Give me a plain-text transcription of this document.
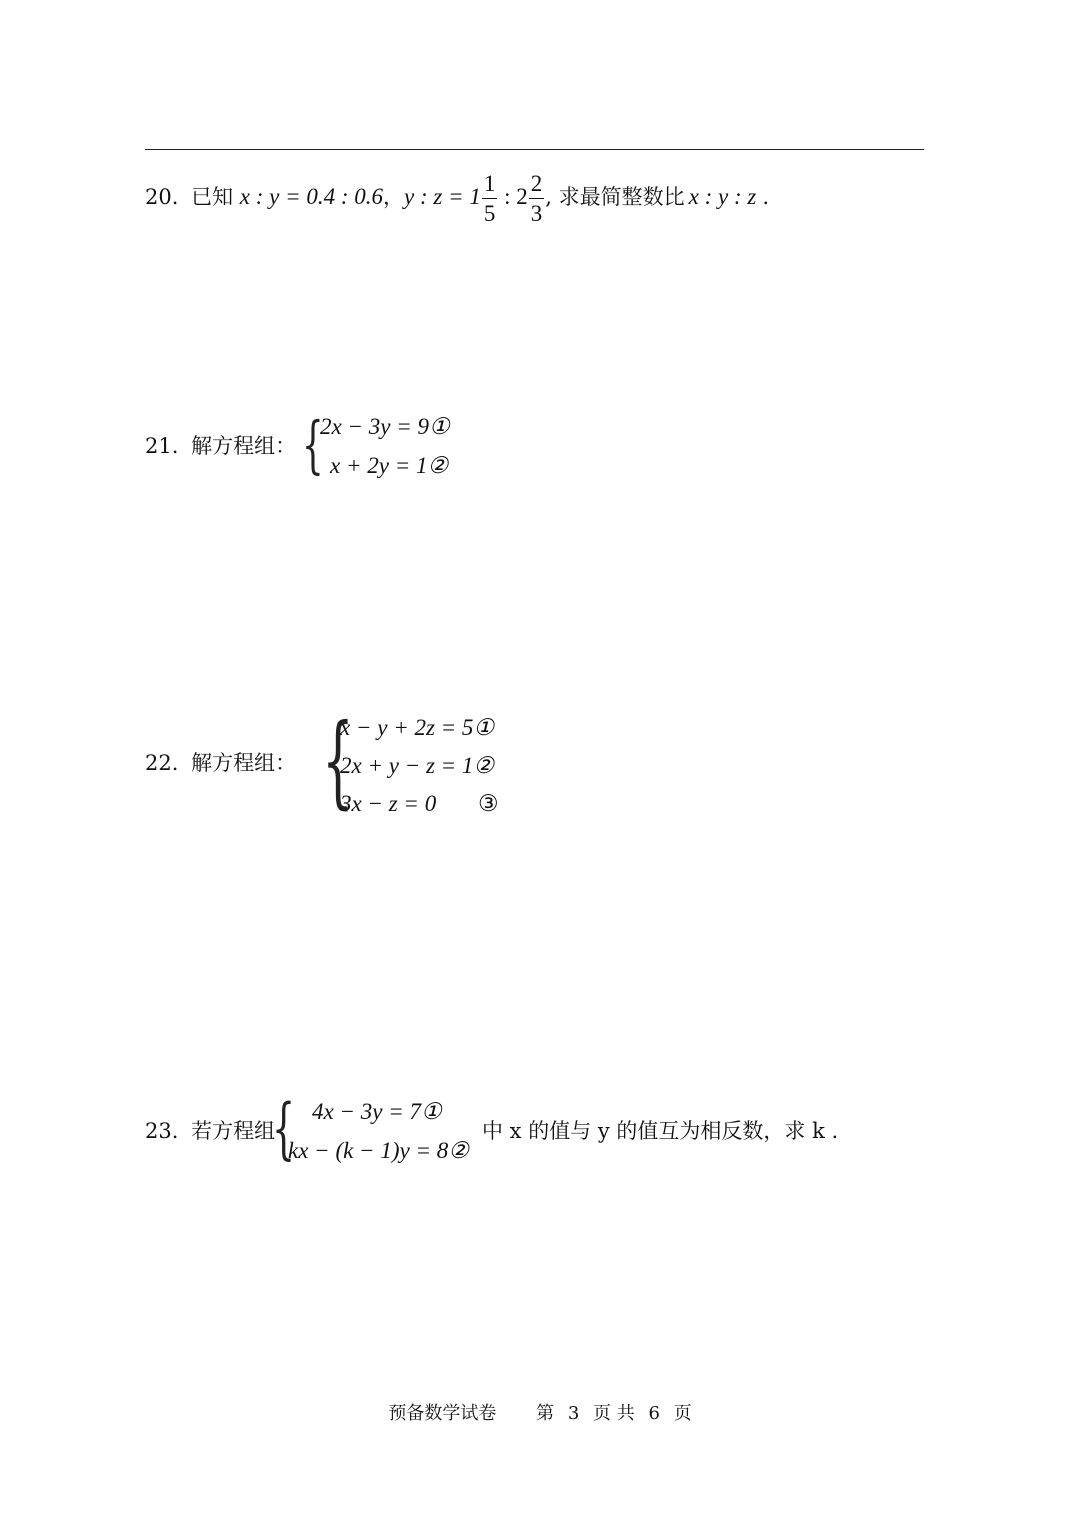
20. 已知 x : y = 0.4 : 0.6，y : $z = 1 \frac{1}{5}$ : $2 \frac{2}{3}$ , 求最简整数比 x : y : z .
21. 解方程组： {
2x − 3y = 9①
x + 2y = 1②
22. 解方程组： {
x − y + 2z = 5①
2x + y − z = 1②
3x − z = 0 ③
23. 若方程组
{ 4x − 3y = 7①
kx − (k − 1)y = 8②
中 x 的值与 y 的值互为相反数，求 k .
预备数学试卷 第 3 页 共 6 页
